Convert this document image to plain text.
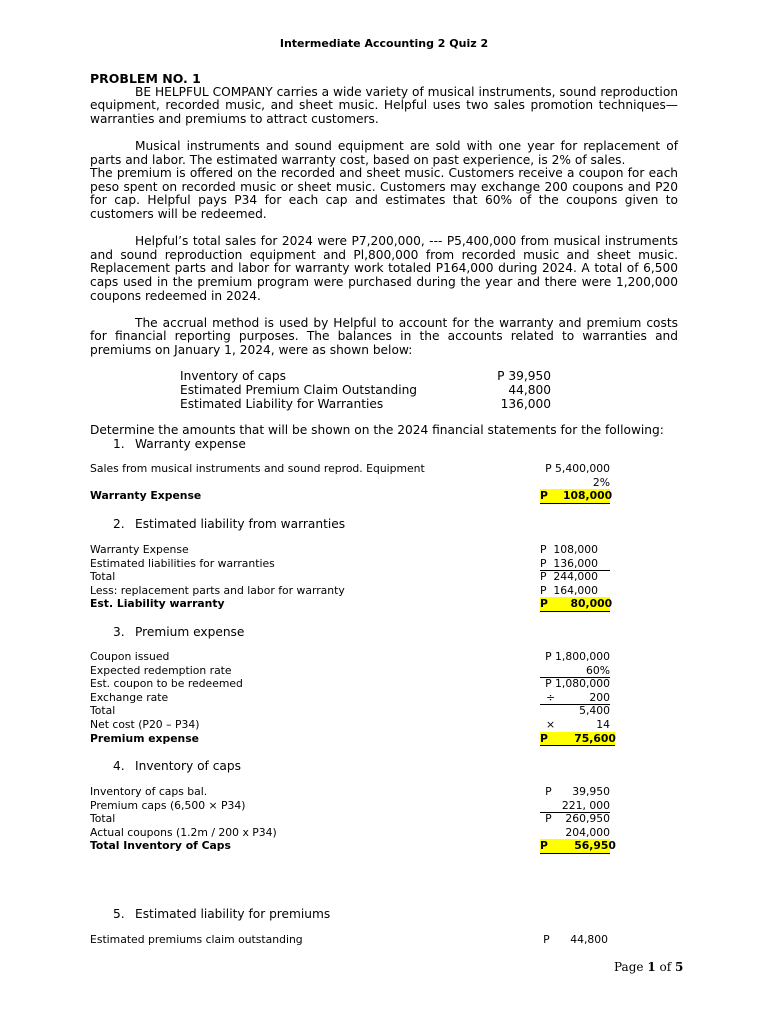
Intermediate Accounting 2 Quiz 2
PROBLEM NO. 1

BE HELPFUL COMPANY carries a wide variety of musical instruments, sound reproduction equipment, recorded music, and sheet music. Helpful uses two sales promotion techniques—warranties and premiums to attract customers.

Musical instruments and sound equipment are sold with one year for replacement of parts and labor. The estimated warranty cost, based on past experience, is 2% of sales.

The premium is offered on the recorded and sheet music. Customers receive a coupon for each peso spent on recorded music or sheet music. Customers may exchange 200 coupons and P20 for cap. Helpful pays P34 for each cap and estimates that 60% of the coupons given to customers will be redeemed.

Helpful’s total sales for 2024 were P7,200,000, --- P5,400,000 from musical instruments and sound reproduction equipment and Pl,800,000 from recorded music and sheet music. Replacement parts and labor for warranty work totaled P164,000 during 2024. A total of 6,500 caps used in the premium program were purchased during the year and there were 1,200,000 coupons redeemed in 2024.

The accrual method is used by Helpful to account for the warranty and premium costs for financial reporting purposes. The balances in the accounts related to warranties and premiums on January 1, 2024, were as shown below:

Inventory of caps	P 39,950
Estimated Premium Claim Outstanding	44,800
Estimated Liability for Warranties	136,000
Determine the amounts that will be shown on the 2024 financial statements for the following:
1. Warranty expense
Sales from musical instruments and sound reprod. Equipment	P 5,400,000
2%
Warranty Expense	P    108,000
2. Estimated liability from warranties
Warranty Expense	P  108,000
Estimated liabilities for warranties	P  136,000
Total	P  244,000
Less: replacement parts and labor for warranty	P  164,000
Est. Liability warranty	P      80,000
3. Premium expense
Coupon issued	P 1,800,000
Expected redemption rate	60%
Est. coupon to be redeemed	P 1,080,000
Exchange rate	÷          200
Total	5,400
Net cost (P20 – P34)	×            14
Premium expense	P       75,600
4. Inventory of caps
Inventory of caps bal.	P      39,950
Premium caps (6,500 × P34)	221, 000
Total	P    260,950
Actual coupons (1.2m / 200 x P34)	204,000
Total Inventory of Caps	P       56,950
5. Estimated liability for premiums
Estimated premiums claim outstanding	P      44,800
Page 1 of 5
